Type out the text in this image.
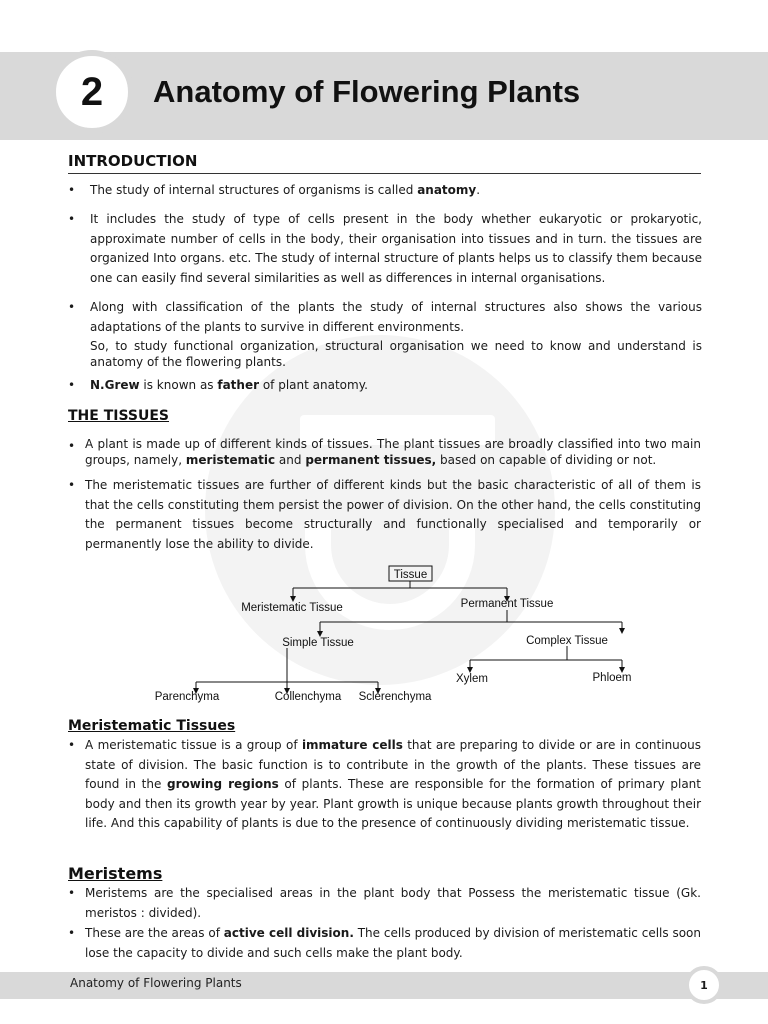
2 Anatomy of Flowering Plants
INTRODUCTION
• The study of internal structures of organisms is called anatomy.
• It includes the study of type of cells present in the body whether eukaryotic or prokaryotic, approximate number of cells in the body, their organisation into tissues and in turn. the tissues are organized Into organs. etc. The study of internal structure of plants helps us to classify them because one can easily find several similarities as well as differences in internal organisations.
• Along with classification of the plants the study of internal structures also shows the various adaptations of the plants to survive in different environments.
So, to study functional organization, structural organisation we need to know and understand is anatomy of the flowering plants.
• N.Grew is known as father of plant anatomy.
THE TISSUES
• A plant is made up of different kinds of tissues. The plant tissues are broadly classified into two main groups, namely, meristematic and permanent tissues, based on capable of dividing or not.
• The meristematic tissues are further of different kinds but the basic characteristic of all of them is that the cells constituting them persist the power of division. On the other hand, the cells constituting the permanent tissues become structurally and functionally specialised and temporarily or permanently lose the ability to divide.
Tissue
Meristematic Tissue	Permanent Tissue
Simple Tissue	Complex Tissue
Parenchyma	Collenchyma Sclerenchyma
Xylem	Phloem
Meristematic Tissues
• A meristematic tissue is a group of immature cells that are preparing to divide or are in continuous state of division. The basic function is to contribute in the growth of the plants. These tissues are found in the growing regions of plants. These are responsible for the formation of primary plant body and then its growth year by year. Plant growth is unique because plants growth throughout their life. And this capability of plants is due to the presence of continuously dividing meristematic tissue.
Meristems
• Meristems are the specialised areas in the plant body that Possess the meristematic tissue (Gk. meristos : divided).
• These are the areas of active cell division. The cells produced by division of meristematic cells soon lose the capacity to divide and such cells make the plant body.
Anatomy of Flowering Plants	1
